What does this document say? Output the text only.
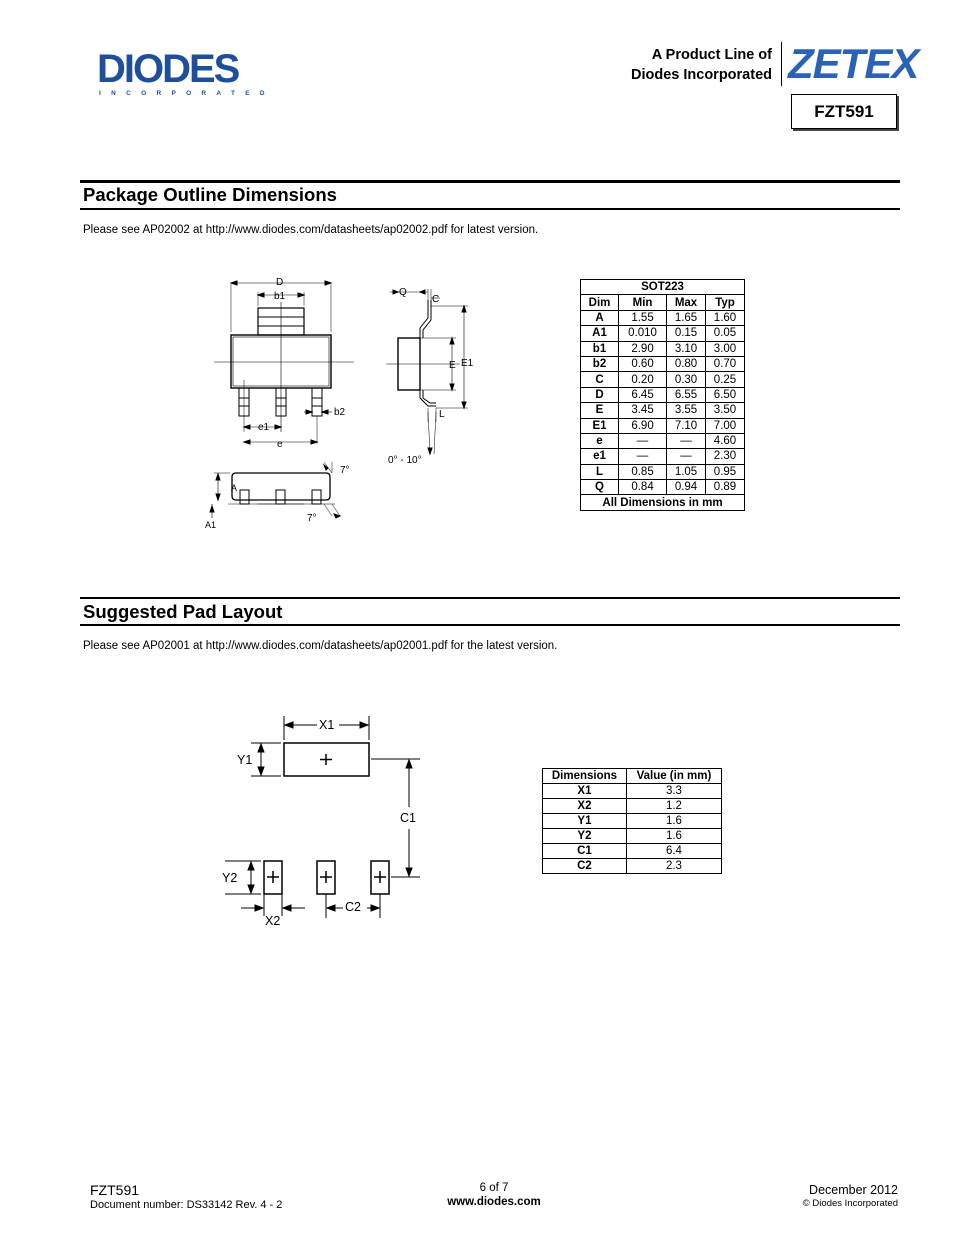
DIODES
INCORPORATED
A Product Line of
Diodes Incorporated ZETEX
FZT591
Package Outline Dimensions
Please see AP02002 at http://www.diodes.com/datasheets/ap02002.pdf for latest version.
D
b1
b2
e1
e
Q
C
E E1
L
0° - 10°
7°
7°
A
A1
SOT223			
Dim	Min	Max	Typ
A	1.55	1.65	1.60
A1	0.010	0.15	0.05
b1	2.90	3.10	3.00
b2	0.60	0.80	0.70
C	0.20	0.30	0.25
D	6.45	6.55	6.50
E	3.45	3.55	3.50
E1	6.90	7.10	7.00
e	—	—	4.60
e1	—	—	2.30
L	0.85	1.05	0.95
Q	0.84	0.94	0.89
All Dimensions in mm			
Suggested Pad Layout
Please see AP02001 at http://www.diodes.com/datasheets/ap02001.pdf for the latest version.
X1
Y1
C1
Y2
X2
C2
Dimensions	Value (in mm)
X1	3.3
X2	1.2
Y1	1.6
Y2	1.6
C1	6.4
C2	2.3
FZT591
Document number: DS33142 Rev. 4 - 2
6 of 7
www.diodes.com
December 2012
© Diodes Incorporated
